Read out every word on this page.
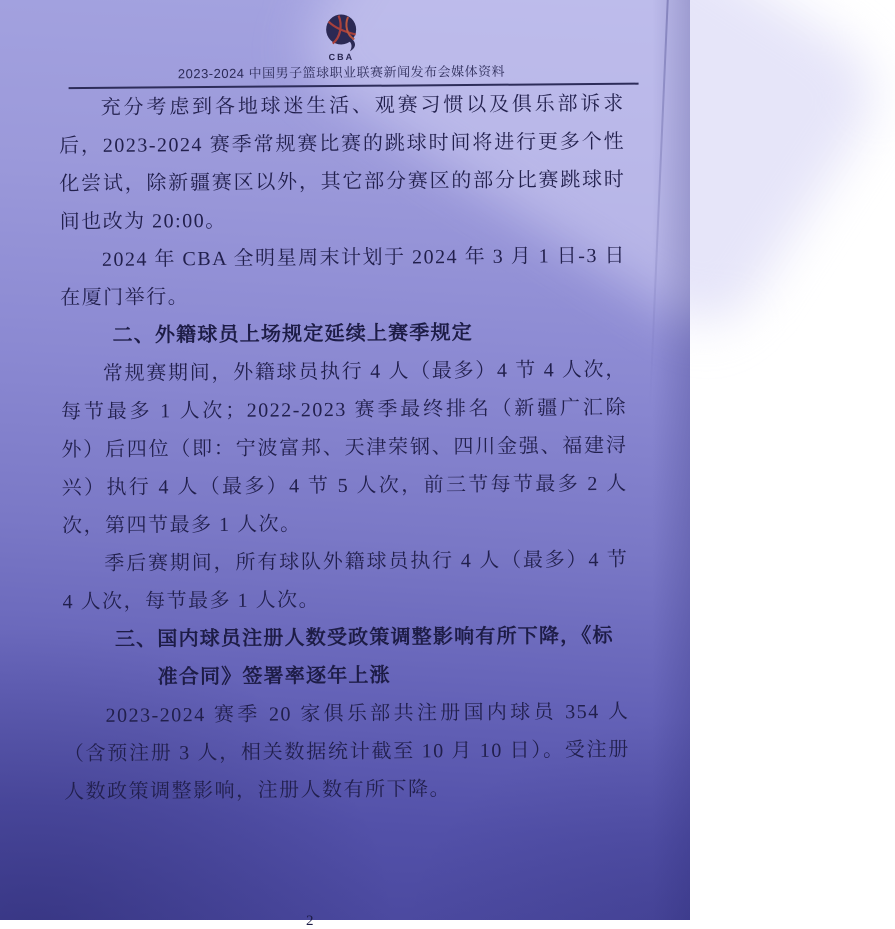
CBA
2023-2024 中国男子篮球职业联赛新闻发布会媒体资料

充分考虑到各地球迷生活、观赛习惯以及俱乐部诉求后，2023-2024 赛季常规赛比赛的跳球时间将进行更多个性化尝试，除新疆赛区以外，其它部分赛区的部分比赛跳球时间也改为 20:00。

2024 年 CBA 全明星周末计划于 2024 年 3 月 1 日-3 日在厦门举行。

二、 外籍球员上场规定延续上赛季规定

常规赛期间，外籍球员执行 4 人（最多）4 节 4 人次，每节最多 1 人次；2022-2023 赛季最终排名（新疆广汇除外）后四位（即：宁波富邦、天津荣钢、四川金强、福建浔兴）执行 4 人（最多）4 节 5 人次，前三节每节最多 2 人次，第四节最多 1 人次。

季后赛期间，所有球队外籍球员执行 4 人（最多）4 节 4 人次，每节最多 1 人次。

三、 国内球员注册人数受政策调整影响有所下降，《标准合同》签署率逐年上涨

2023-2024 赛季 20 家俱乐部共注册国内球员 354 人（含预注册 3 人，相关数据统计截至 10 月 10 日）。受注册人数政策调整影响，注册人数有所下降。

2
